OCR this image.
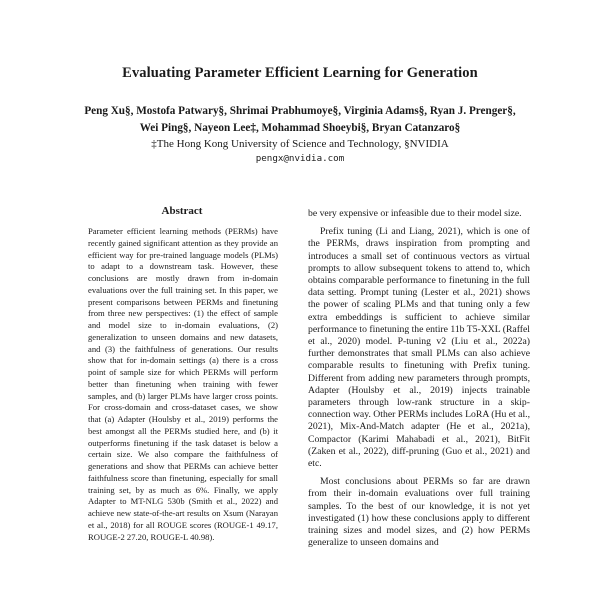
Evaluating Parameter Efficient Learning for Generation
Peng Xu§, Mostofa Patwary§, Shrimai Prabhumoye§, Virginia Adams§, Ryan J. Prenger§,
Wei Ping§, Nayeon Lee‡, Mohammad Shoeybi§, Bryan Catanzaro§
‡The Hong Kong University of Science and Technology, §NVIDIA
pengx@nvidia.com
Abstract
Parameter efficient learning methods (PERMs) have recently gained significant attention as they provide an efficient way for pre-trained language models (PLMs) to adapt to a downstream task. However, these conclusions are mostly drawn from in-domain evaluations over the full training set. In this paper, we present comparisons between PERMs and finetuning from three new perspectives: (1) the effect of sample and model size to in-domain evaluations, (2) generalization to unseen domains and new datasets, and (3) the faithfulness of generations. Our results show that for in-domain settings (a) there is a cross point of sample size for which PERMs will perform better than finetuning when training with fewer samples, and (b) larger PLMs have larger cross points. For cross-domain and cross-dataset cases, we show that (a) Adapter (Houlsby et al., 2019) performs the best amongst all the PERMs studied here, and (b) it outperforms finetuning if the task dataset is below a certain size. We also compare the faithfulness of generations and show that PERMs can achieve better faithfulness score than finetuning, especially for small training set, by as much as 6%. Finally, we apply Adapter to MT-NLG 530b (Smith et al., 2022) and achieve new state-of-the-art results on Xsum (Narayan et al., 2018) for all ROUGE scores (ROUGE-1 49.17, ROUGE-2 27.20, ROUGE-L 40.98).

be very expensive or infeasible due to their model size.

Prefix tuning (Li and Liang, 2021), which is one of the PERMs, draws inspiration from prompting and introduces a small set of continuous vectors as virtual prompts to allow subsequent tokens to attend to, which obtains comparable performance to finetuning in the full data setting. Prompt tuning (Lester et al., 2021) shows the power of scaling PLMs and that tuning only a few extra embeddings is sufficient to achieve similar performance to finetuning the entire 11b T5-XXL (Raffel et al., 2020) model. P-tuning v2 (Liu et al., 2022a) further demonstrates that small PLMs can also achieve comparable results to finetuning with Prefix tuning. Different from adding new parameters through prompts, Adapter (Houlsby et al., 2019) injects trainable parameters through low-rank structure in a skip-connection way. Other PERMs includes LoRA (Hu et al., 2021), Mix-And-Match adapter (He et al., 2021a), Compactor (Karimi Mahabadi et al., 2021), BitFit (Zaken et al., 2022), diff-pruning (Guo et al., 2021) and etc.

Most conclusions about PERMs so far are drawn from their in-domain evaluations over full training samples. To the best of our knowledge, it is not yet investigated (1) how these conclusions apply to different training sizes and model sizes, and (2) how PERMs generalize to unseen domains and
